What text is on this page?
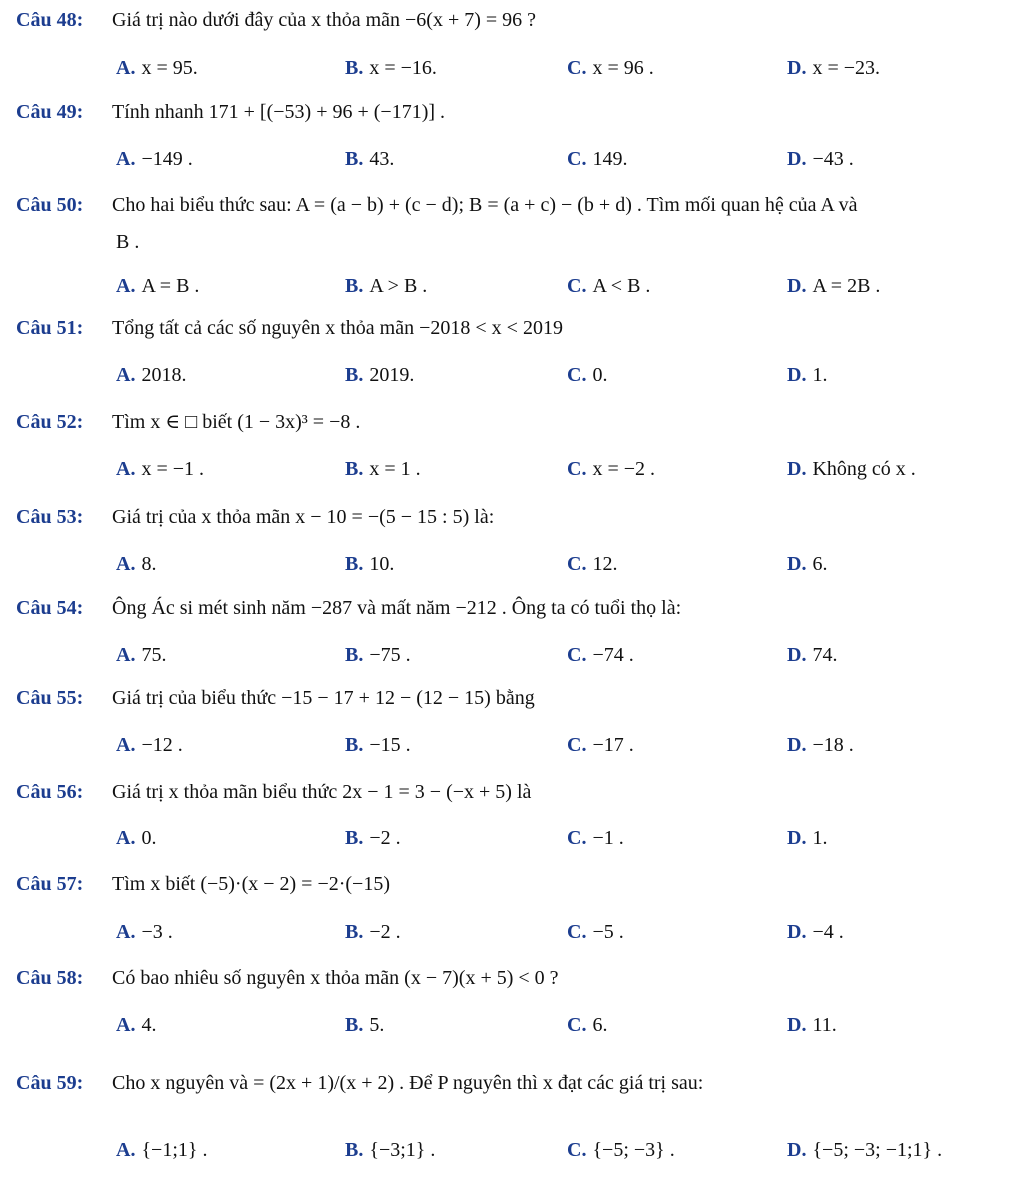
Câu 48: Giá trị nào dưới đây của x thỏa mãn −6(x + 7) = 96 ?
A. x = 95.	B. x = −16.	C. x = 96 .	D. x = −23.
Câu 49: Tính nhanh 171 + [(−53) + 96 + (−171)] .
A. −149 .	B. 43.	C. 149.	D. −43 .
Câu 50: Cho hai biểu thức sau: A = (a − b) + (c − d); B = (a + c) − (b + d) . Tìm mối quan hệ của A và
B .
A. A = B .	B. A > B .	C. A < B .	D. A = 2B .
Câu 51: Tổng tất cả các số nguyên x thỏa mãn −2018 < x < 2019
A. 2018.	B. 2019.	C. 0.	D. 1.
Câu 52: Tìm x ∈ □ biết (1 − 3x)³ = −8 .
A. x = −1 .	B. x = 1 .	C. x = −2 .	D. Không có x .
Câu 53: Giá trị của x thỏa mãn x − 10 = −(5 − 15 : 5) là:
A. 8.	B. 10.	C. 12.	D. 6.
Câu 54: Ông Ác si mét sinh năm −287 và mất năm −212 . Ông ta có tuổi thọ là:
A. 75.	B. −75 .	C. −74 .	D. 74.
Câu 55: Giá trị của biểu thức −15 − 17 + 12 − (12 − 15) bằng
A. −12 .	B. −15 .	C. −17 .	D. −18 .
Câu 56: Giá trị x thỏa mãn biểu thức 2x − 1 = 3 − (−x + 5) là
A. 0.	B. −2 .	C. −1 .	D. 1.
Câu 57: Tìm x biết (−5)·(x − 2) = −2·(−15)
A. −3 .	B. −2 .	C. −5 .	D. −4 .
Câu 58: Có bao nhiêu số nguyên x thỏa mãn (x − 7)(x + 5) < 0 ?
A. 4.	B. 5.	C. 6.	D. 11.
Câu 59: Cho x nguyên và = (2x + 1)/(x + 2) . Để P nguyên thì x đạt các giá trị sau:
A. {−1;1} .	B. {−3;1} .	C. {−5; −3} .	D. {−5; −3; −1;1} .
